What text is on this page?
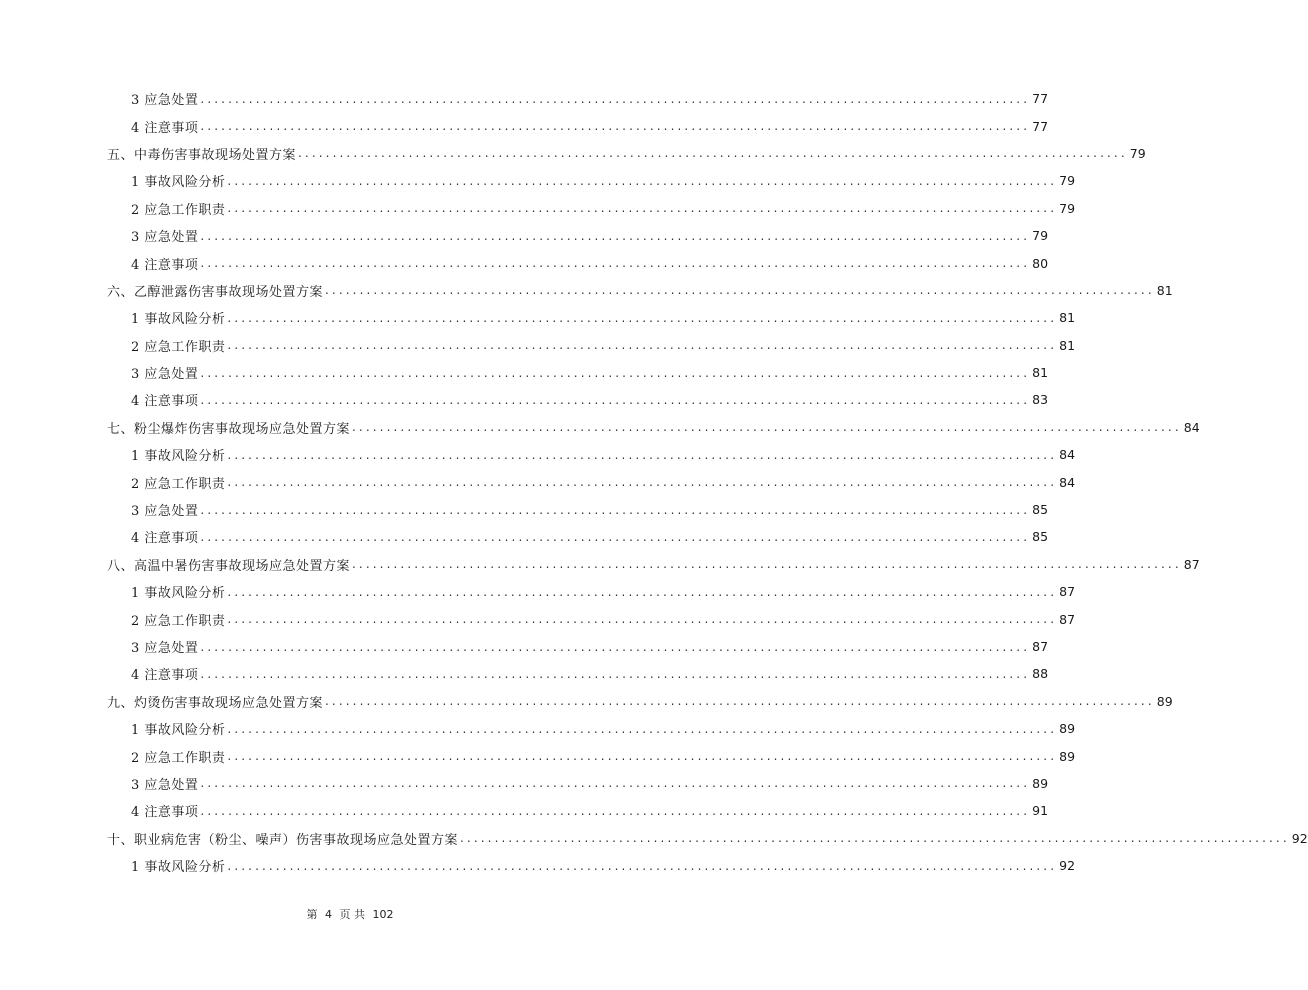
3 应急处置 ........................................................................................................................ 77
4 注意事项 ........................................................................................................................ 77
五、中毒伤害事故现场处置方案 ........................................................................................................................ 79
1 事故风险分析 ........................................................................................................................ 79
2 应急工作职责 ........................................................................................................................ 79
3 应急处置 ........................................................................................................................ 79
4 注意事项 ........................................................................................................................ 80
六、乙醇泄露伤害事故现场处置方案 ........................................................................................................................ 81
1 事故风险分析 ........................................................................................................................ 81
2 应急工作职责 ........................................................................................................................ 81
3 应急处置 ........................................................................................................................ 81
4 注意事项 ........................................................................................................................ 83
七、粉尘爆炸伤害事故现场应急处置方案 ........................................................................................................................ 84
1 事故风险分析 ........................................................................................................................ 84
2 应急工作职责 ........................................................................................................................ 84
3 应急处置 ........................................................................................................................ 85
4 注意事项 ........................................................................................................................ 85
八、高温中暑伤害事故现场应急处置方案 ........................................................................................................................ 87
1 事故风险分析 ........................................................................................................................ 87
2 应急工作职责 ........................................................................................................................ 87
3 应急处置 ........................................................................................................................ 87
4 注意事项 ........................................................................................................................ 88
九、灼烫伤害事故现场应急处置方案 ........................................................................................................................ 89
1 事故风险分析 ........................................................................................................................ 89
2 应急工作职责 ........................................................................................................................ 89
3 应急处置 ........................................................................................................................ 89
4 注意事项 ........................................................................................................................ 91
十、职业病危害（粉尘、噪声）伤害事故现场应急处置方案 ........................................................................................................................ 92
1 事故风险分析 ........................................................................................................................ 92
第 4 页 共 102
